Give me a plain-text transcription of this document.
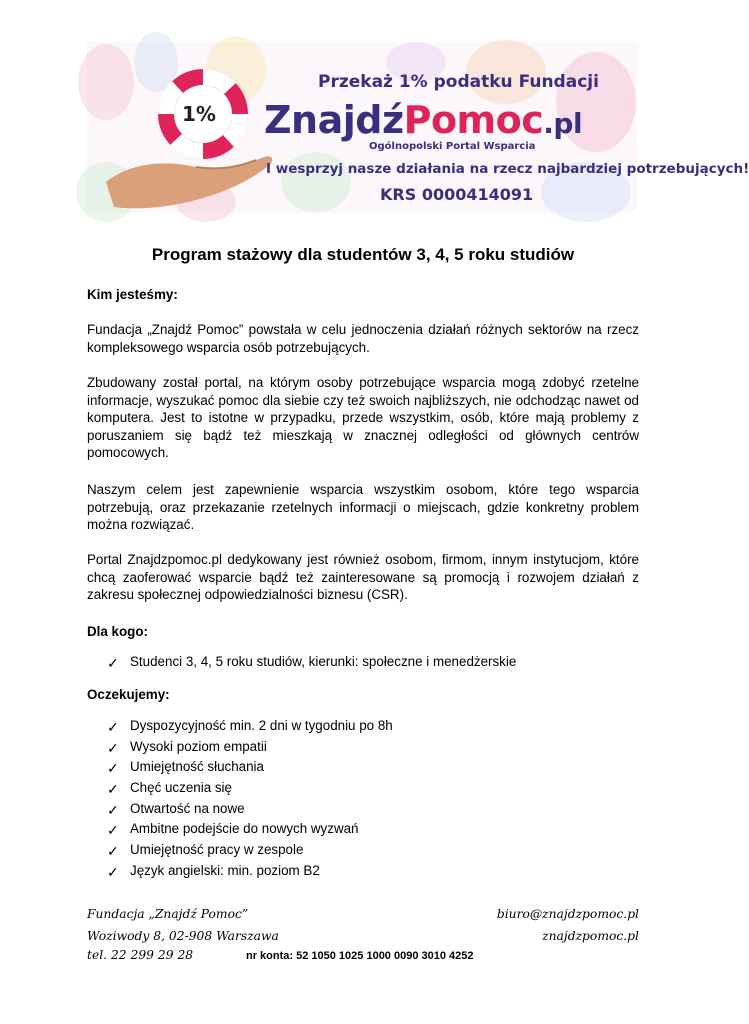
Przekaż 1% podatku Fundacji
ZnajdźPomoc.pl
Ogólnopolski Portal Wsparcia
I wesprzyj nasze działania na rzecz najbardziej potrzebujących!
KRS 0000414091
1%
Program stażowy dla studentów 3, 4, 5 roku studiów
Kim jesteśmy:
Fundacja „Znajdź Pomoc” powstała w celu jednoczenia działań różnych sektorów na rzecz kompleksowego wsparcia osób potrzebujących.
Zbudowany został portal, na którym osoby potrzebujące wsparcia mogą zdobyć rzetelne informacje, wyszukać pomoc dla siebie czy też swoich najbliższych, nie odchodząc nawet od komputera. Jest to istotne w przypadku, przede wszystkim, osób, które mają problemy z poruszaniem się bądź też mieszkają w znacznej odległości od głównych centrów pomocowych.
Naszym celem jest zapewnienie wsparcia wszystkim osobom, które tego wsparcia potrzebują, oraz przekazanie rzetelnych informacji o miejscach, gdzie konkretny problem można rozwiązać.
Portal Znajdzpomoc.pl dedykowany jest również osobom, firmom, innym instytucjom, które chcą zaoferować wsparcie bądź też zainteresowane są promocją i rozwojem działań z zakresu społecznej odpowiedzialności biznesu (CSR).
Dla kogo:
✓ Studenci 3, 4, 5 roku studiów, kierunki: społeczne i menedżerskie
Oczekujemy:
✓ Dyspozycyjność min. 2 dni w tygodniu po 8h
✓ Wysoki poziom empatii
✓ Umiejętność słuchania
✓ Chęć uczenia się
✓ Otwartość na nowe
✓ Ambitne podejście do nowych wyzwań
✓ Umiejętność pracy w zespole
✓ Język angielski: min. poziom B2
Fundacja „Znajdź Pomoc”
Woziwody 8, 02-908 Warszawa
tel. 22 299 29 28	nr konta: 52 1050 1025 1000 0090 3010 4252
biuro@znajdzpomoc.pl
znajdzpomoc.pl
